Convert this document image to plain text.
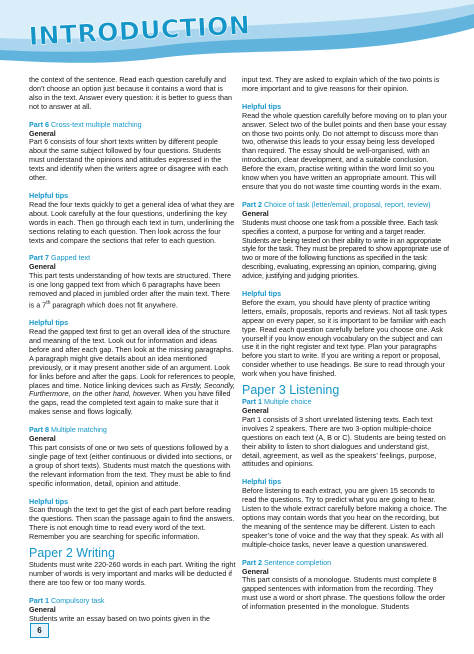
INTRODUCTION

the context of the sentence. Read each question carefully and don’t choose an option just because it contains a word that is also in the text. Answer every question: it is better to guess than not to answer at all.

Part 6 Cross-text multiple matching

General

Part 6 consists of four short texts written by different people about the same subject followed by four questions. Students must understand the opinions and attitudes expressed in the texts and identify when the writers agree or disagree with each other.

Helpful tips

Read the four texts quickly to get a general idea of what they are about. Look carefully at the four questions, underlining the key words in each. Then go through each text in turn, underlining the sections relating to each question. Then look across the four texts and compare the sections that refer to each question.

Part 7 Gapped text

General

This part tests understanding of how texts are structured. There is one long gapped text from which 6 paragraphs have been removed and placed in jumbled order after the main text. There is a 7th paragraph which does not fit anywhere.

Helpful tips

Read the gapped text first to get an overall idea of the structure and meaning of the text. Look out for information and ideas before and after each gap. Then look at the missing paragraphs. A paragraph might give details about an idea mentioned previously, or it may present another side of an argument. Look for links before and after the gaps. Look for references to people, places and time. Notice linking devices such as Firstly, Secondly, Furthermore, on the other hand, however. When you have filled the gaps, read the completed text again to make sure that it makes sense and flows logically.

Part 8 Multiple matching

General

This part consists of one or two sets of questions followed by a single page of text (either continuous or divided into sections, or a group of short texts). Students must match the questions with the relevant information from the text. They must be able to find specific information, detail, opinion and attitude.

Helpful tips

Scan through the text to get the gist of each part before reading the questions. Then scan the passage again to find the answers. There is not enough time to read every word of the text. Remember you are searching for specific information.

Paper 2 Writing

Students must write 220-260 words in each part. Writing the right number of words is very important and marks will be deducted if there are too few or too many words.

Part 1 Compulsory task

General

Students write an essay based on two points given in the

input text. They are asked to explain which of the two points is more important and to give reasons for their opinion.

Helpful tips

Read the whole question carefully before moving on to plan your answer. Select two of the bullet points and then base your essay on those two points only. Do not attempt to discuss more than two, otherwise this leads to your essay being less developed than required. The essay should be well-organised, with an introduction, clear development, and a suitable conclusion. Before the exam, practise writing within the word limit so you know when you have written an appropriate amount. This will ensure that you do not waste time counting words in the exam.

Part 2 Choice of task (letter/email, proposal, report, review)

General

Students must choose one task from a possible three. Each task specifies a context, a purpose for writing and a target reader. Students are being tested on their ability to write in an appropriate style for the task. They must be prepared to show appropriate use of two or more of the following functions as specified in the task: describing, evaluating, expressing an opinion, comparing, giving advice, justifying and judging priorities.

Helpful tips

Before the exam, you should have plenty of practice writing letters, emails, proposals, reports and reviews. Not all task types appear on every paper, so it is important to be familiar with each type. Read each question carefully before you choose one. Ask yourself if you know enough vocabulary on the subject and can use it in the right register and text type. Plan your paragraphs before you start to write. If you are writing a report or proposal, consider whether to use headings. Be sure to read through your work when you have finished.

Paper 3 Listening

Part 1 Multiple choice

General

Part 1 consists of 3 short unrelated listening texts. Each text involves 2 speakers. There are two 3-option multiple-choice questions on each text (A, B or C). Students are being tested on their ability to listen to short dialogues and understand gist, detail, agreement, as well as the speakers’ feelings, purpose, attitudes and opinions.

Helpful tips

Before listening to each extract, you are given 15 seconds to read the questions. Try to predict what you are going to hear. Listen to the whole extract carefully before making a choice. The options may contain words that you hear on the recording, but the meaning of the sentence may be different. Listen to each speaker’s tone of voice and the way that they speak. As with all multiple-choice tasks, never leave a question unanswered.

Part 2 Sentence completion

General

This part consists of a monologue. Students must complete 8 gapped sentences with information from the recording. They must use a word or short phrase. The questions follow the order of information presented in the monologue. Students

6
